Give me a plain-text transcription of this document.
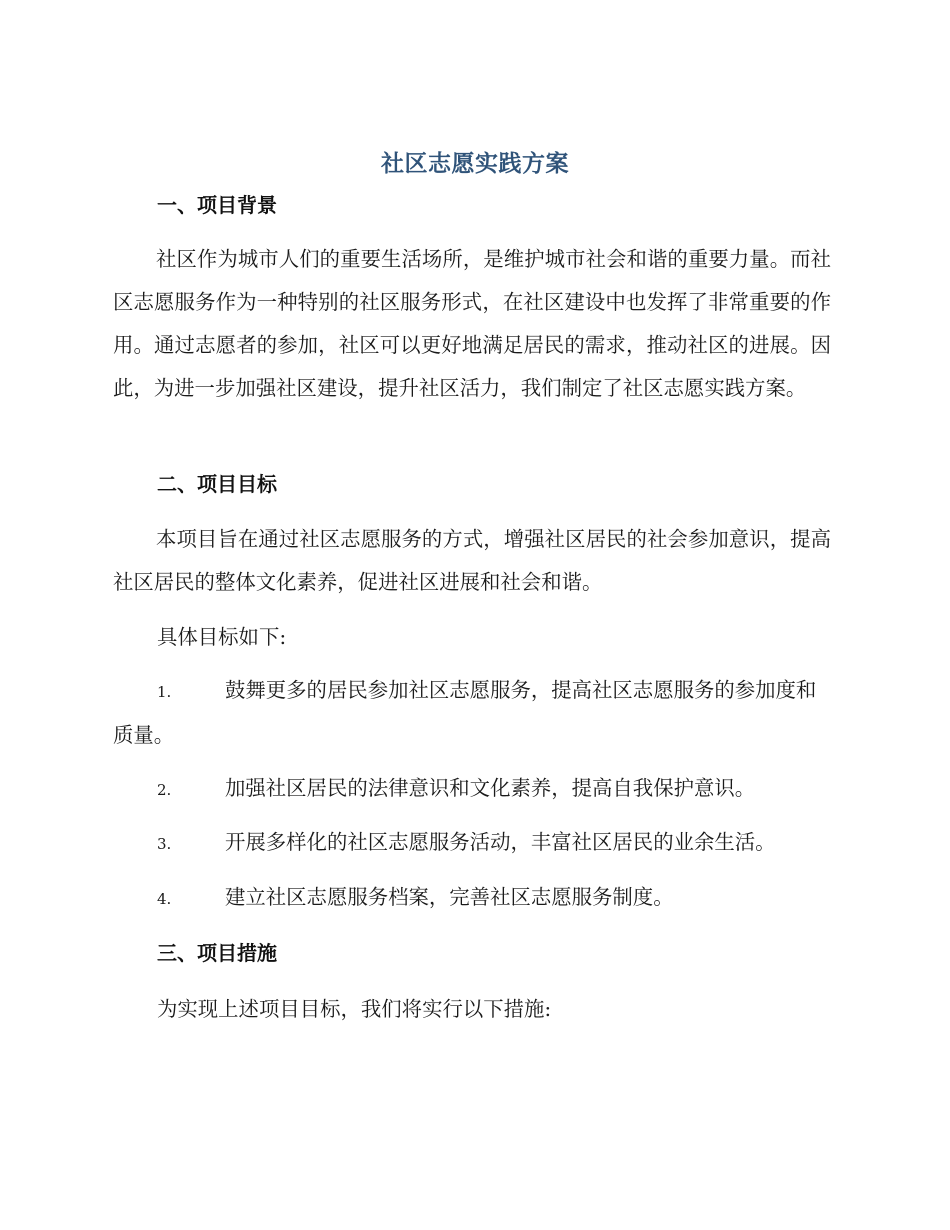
社区志愿实践方案
一、项目背景

社区作为城市人们的重要生活场所，是维护城市社会和谐的重要力量。而社区志愿服务作为一种特别的社区服务形式，在社区建设中也发挥了非常重要的作用。通过志愿者的参加，社区可以更好地满足居民的需求，推动社区的进展。因此，为进一步加强社区建设，提升社区活力，我们制定了社区志愿实践方案。

二、项目目标

本项目旨在通过社区志愿服务的方式，增强社区居民的社会参加意识，提高社区居民的整体文化素养，促进社区进展和社会和谐。

具体目标如下:
1.	鼓舞更多的居民参加社区志愿服务，提高社区志愿服务的参加度和质量。
2.	加强社区居民的法律意识和文化素养，提高自我保护意识。
3.	开展多样化的社区志愿服务活动，丰富社区居民的业余生活。
4.	建立社区志愿服务档案，完善社区志愿服务制度。
三、项目措施
为实现上述项目目标，我们将实行以下措施:
